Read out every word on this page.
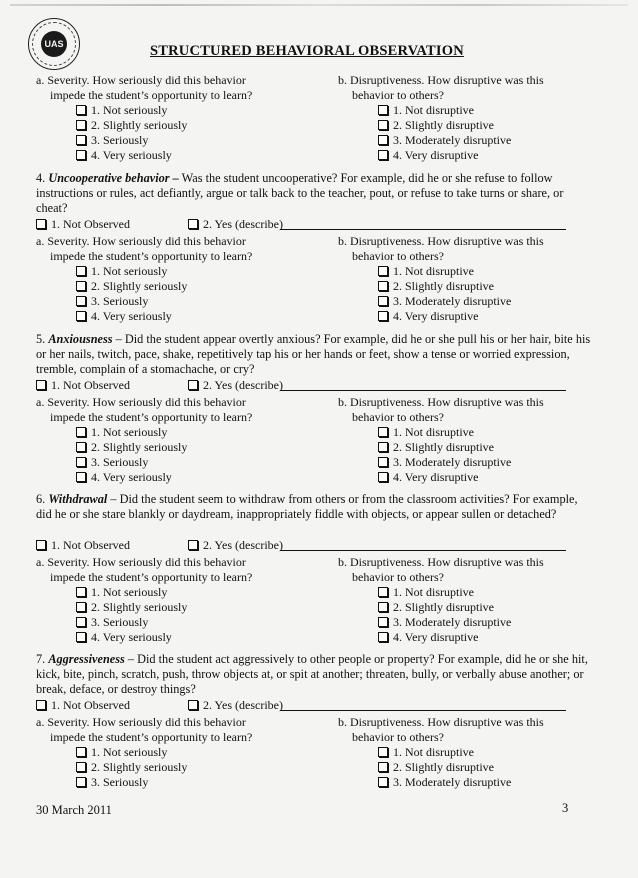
UAS	STRUCTURED BEHAVIORAL OBSERVATION
a. Severity. How seriously did this behavior
impede the student’s opportunity to learn?
1. Not seriously
2. Slightly seriously
3. Seriously
4. Very seriously
b. Disruptiveness. How disruptive was this
behavior to others?
1. Not disruptive
2. Slightly disruptive
3. Moderately disruptive
4. Very disruptive
4. Uncooperative behavior – Was the student uncooperative? For example, did he or she refuse to follow instructions or rules, act defiantly, argue or talk back to the teacher, pout, or refuse to take turns or share, or cheat?
1. Not Observed	2. Yes (describe)
a. Severity. How seriously did this behavior
impede the student’s opportunity to learn?
1. Not seriously
2. Slightly seriously
3. Seriously
4. Very seriously
b. Disruptiveness. How disruptive was this
behavior to others?
1. Not disruptive
2. Slightly disruptive
3. Moderately disruptive
4. Very disruptive
5. Anxiousness – Did the student appear overtly anxious? For example, did he or she pull his or her hair, bite his or her nails, twitch, pace, shake, repetitively tap his or her hands or feet, show a tense or worried expression, tremble, complain of a stomachache, or cry?
1. Not Observed	2. Yes (describe)
a. Severity. How seriously did this behavior
impede the student’s opportunity to learn?
1. Not seriously
2. Slightly seriously
3. Seriously
4. Very seriously
b. Disruptiveness. How disruptive was this
behavior to others?
1. Not disruptive
2. Slightly disruptive
3. Moderately disruptive
4. Very disruptive
6. Withdrawal – Did the student seem to withdraw from others or from the classroom activities? For example, did he or she stare blankly or daydream, inappropriately fiddle with objects, or appear sullen or detached?
1. Not Observed	2. Yes (describe)
a. Severity. How seriously did this behavior
impede the student’s opportunity to learn?
1. Not seriously
2. Slightly seriously
3. Seriously
4. Very seriously
b. Disruptiveness. How disruptive was this
behavior to others?
1. Not disruptive
2. Slightly disruptive
3. Moderately disruptive
4. Very disruptive
7. Aggressiveness – Did the student act aggressively to other people or property? For example, did he or she hit, kick, bite, pinch, scratch, push, throw objects at, or spit at another; threaten, bully, or verbally abuse another; or break, deface, or destroy things?
1. Not Observed	2. Yes (describe)
a. Severity. How seriously did this behavior
impede the student’s opportunity to learn?
1. Not seriously
2. Slightly seriously
3. Seriously
b. Disruptiveness. How disruptive was this
behavior to others?
1. Not disruptive
2. Slightly disruptive
3. Moderately disruptive
30 March 2011	3
